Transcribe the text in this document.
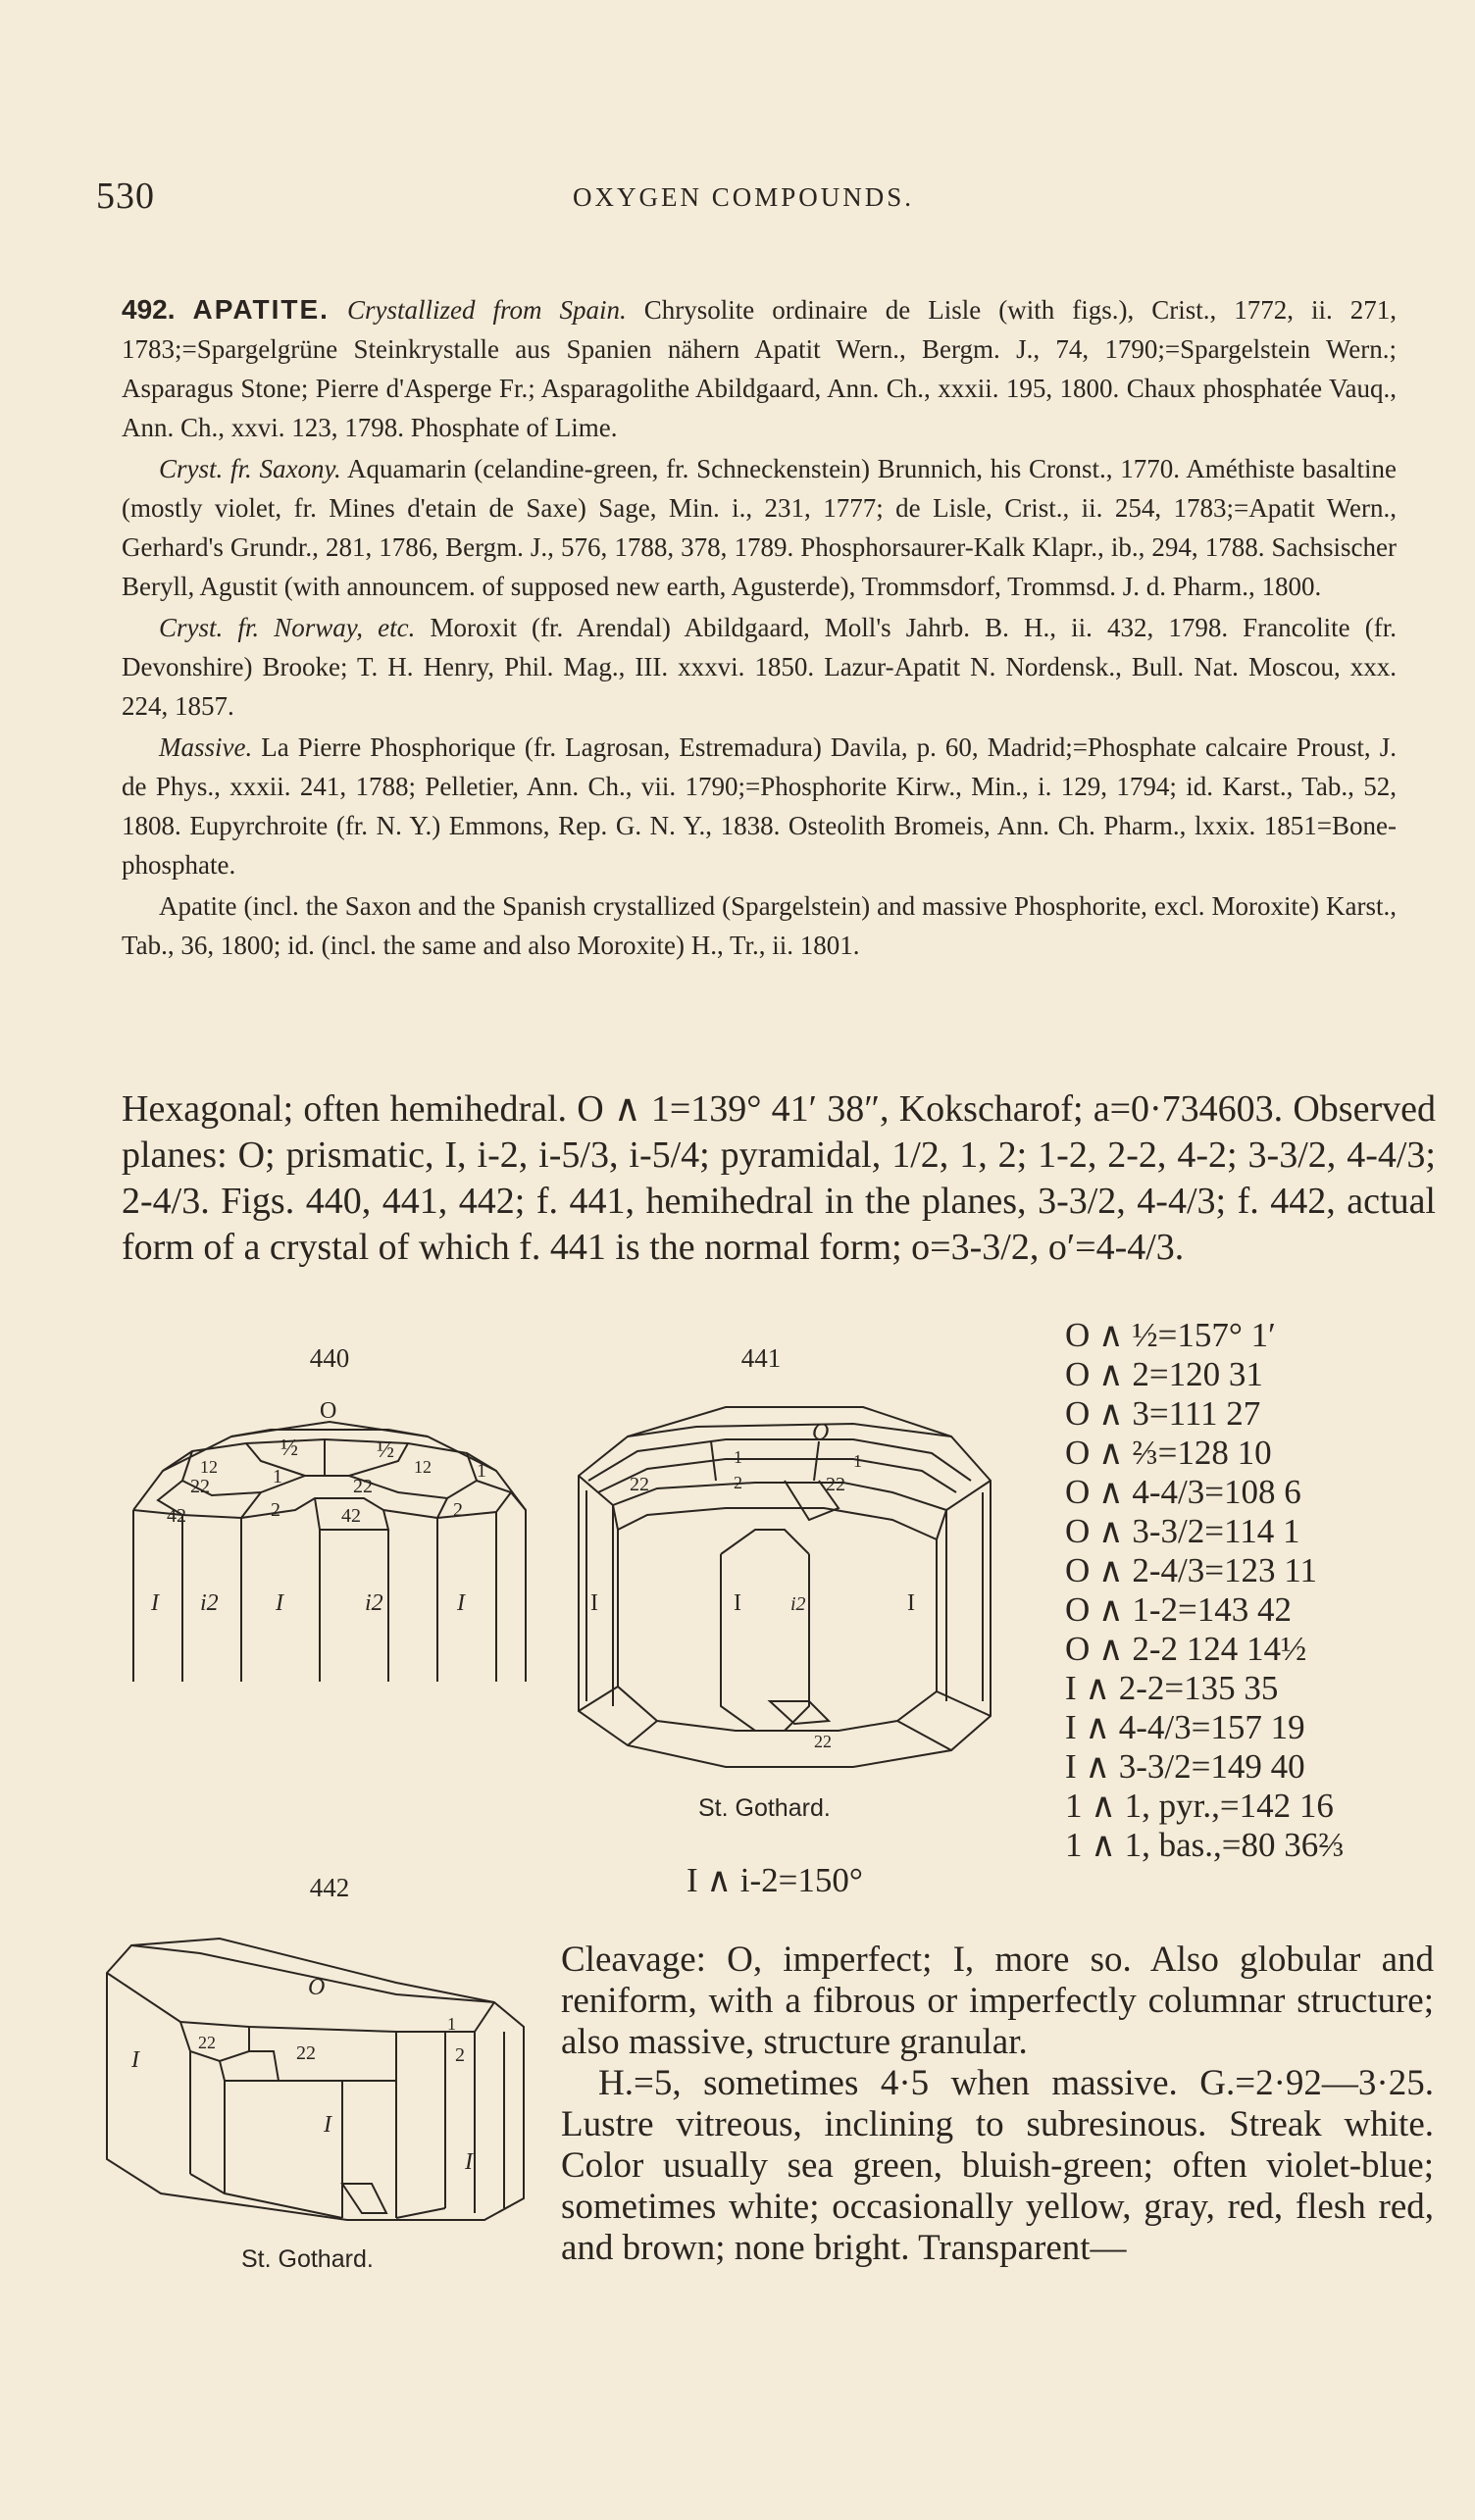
530	OXYGEN COMPOUNDS.

492. APATITE. Crystallized from Spain. Chrysolite ordinaire de Lisle (with figs.), Crist., 1772, ii. 271, 1783;=Spargelgrüne Steinkrystalle aus Spanien nähern Apatit Wern., Bergm. J., 74, 1790;=Spargelstein Wern.; Asparagus Stone; Pierre d'Asperge Fr.; Asparagolithe Abildgaard, Ann. Ch., xxxii. 195, 1800. Chaux phosphatée Vauq., Ann. Ch., xxvi. 123, 1798. Phosphate of Lime.

Cryst. fr. Saxony. Aquamarin (celandine-green, fr. Schneckenstein) Brunnich, his Cronst., 1770. Améthiste basaltine (mostly violet, fr. Mines d'etain de Saxe) Sage, Min. i., 231, 1777; de Lisle, Crist., ii. 254, 1783;=Apatit Wern., Gerhard's Grundr., 281, 1786, Bergm. J., 576, 1788, 378, 1789. Phosphorsaurer-Kalk Klapr., ib., 294, 1788. Sachsischer Beryll, Agustit (with announcem. of supposed new earth, Agusterde), Trommsdorf, Trommsd. J. d. Pharm., 1800.

Cryst. fr. Norway, etc. Moroxit (fr. Arendal) Abildgaard, Moll's Jahrb. B. H., ii. 432, 1798. Francolite (fr. Devonshire) Brooke; T. H. Henry, Phil. Mag., III. xxxvi. 1850. Lazur-Apatit N. Nordensk., Bull. Nat. Moscou, xxx. 224, 1857.

Massive. La Pierre Phosphorique (fr. Lagrosan, Estremadura) Davila, p. 60, Madrid;=Phosphate calcaire Proust, J. de Phys., xxxii. 241, 1788; Pelletier, Ann. Ch., vii. 1790;=Phosphorite Kirw., Min., i. 129, 1794; id. Karst., Tab., 52, 1808. Eupyrchroite (fr. N. Y.) Emmons, Rep. G. N. Y., 1838. Osteolith Bromeis, Ann. Ch. Pharm., lxxix. 1851=Bone-phosphate.

Apatite (incl. the Saxon and the Spanish crystallized (Spargelstein) and massive Phosphorite, excl. Moroxite) Karst., Tab., 36, 1800; id. (incl. the same and also Moroxite) H., Tr., ii. 1801.

Hexagonal; often hemihedral. O ∧ 1=139° 41′ 38″, Kokscharof; a=0·734603. Observed planes: O; prismatic, I, i-2, i-5/3, i-5/4; pyramidal, 1/2, 1, 2; 1-2, 2-2, 4-2; 3-3/2, 4-4/3; 2-4/3. Figs. 440, 441, 442; f. 441, hemihedral in the planes, 3-3/2, 4-4/3; f. 442, actual form of a crystal of which f. 441 is the normal form; o=3-3/2, o′=4-4/3.

440
O
½	½
12	12
1	1
22	22
2	2
42	42
I i2 I	i2	I
441
O
22	22
1
2
1
I	I	i2	I
22
St. Gothard.
O ∧ ½=157° 1′
O ∧ 2=120 31
O ∧ 3=111 27
O ∧ ⅔=128 10
O ∧ 4-4/3=108 6
O ∧ 3-3/2=114 1
O ∧ 2-4/3=123 11
O ∧ 1-2=143 42
O ∧ 2-2 124 14½
I ∧ 2-2=135 35
I ∧ 4-4/3=157 19
I ∧ 3-3/2=149 40
1 ∧ 1, pyr.,=142 16
1 ∧ 1, bas.,=80 36⅔
I ∧ i-2=150°
442
O
22	22
1
2
I
I
I
St. Gothard.

Cleavage: O, imperfect; I, more so. Also globular and reniform, with a fibrous or imperfectly columnar structure; also massive, structure granular.

H.=5, sometimes 4·5 when massive. G.=2·92—3·25. Lustre vitreous, inclining to subresinous. Streak white. Color usually sea green, bluish-green; often violet-blue; sometimes white; occasionally yellow, gray, red, flesh red, and brown; none bright. Transparent—
